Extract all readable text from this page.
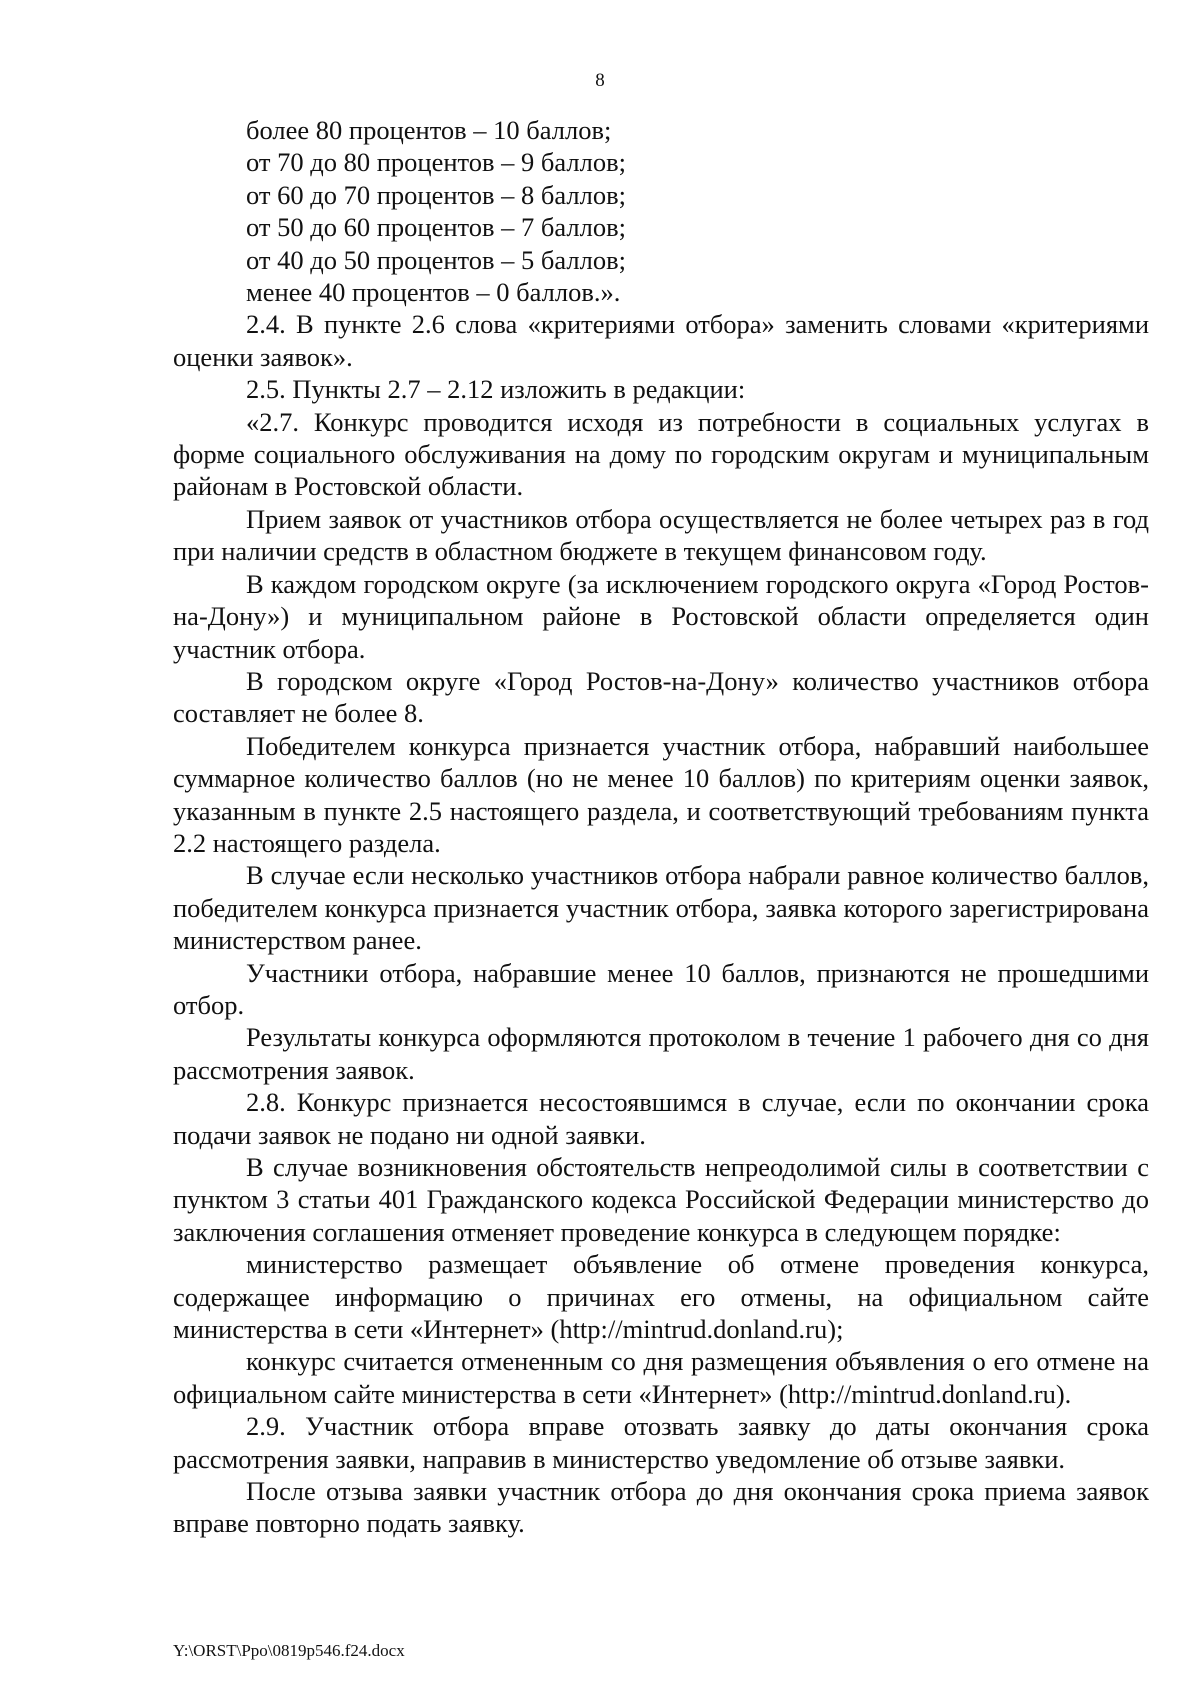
8

более 80 процентов – 10 баллов;

от 70 до 80 процентов – 9 баллов;

от 60 до 70 процентов – 8 баллов;

от 50 до 60 процентов – 7 баллов;

от 40 до 50 процентов – 5 баллов;

менее 40 процентов – 0 баллов.».

2.4. В пункте 2.6 слова «критериями отбора» заменить словами «критериями оценки заявок».

2.5. Пункты 2.7 – 2.12 изложить в редакции:

«2.7. Конкурс проводится исходя из потребности в социальных услугах в форме социального обслуживания на дому по городским округам и муниципальным районам в Ростовской области.

Прием заявок от участников отбора осуществляется не более четырех раз в год при наличии средств в областном бюджете в текущем финансовом году.

В каждом городском округе (за исключением городского округа «Город Ростов-на-Дону») и муниципальном районе в Ростовской области определяется один участник отбора.

В городском округе «Город Ростов-на-Дону» количество участников отбора составляет не более 8.

Победителем конкурса признается участник отбора, набравший наибольшее суммарное количество баллов (но не менее 10 баллов) по критериям оценки заявок, указанным в пункте 2.5 настоящего раздела, и соответствующий требованиям пункта 2.2 настоящего раздела.

В случае если несколько участников отбора набрали равное количество баллов, победителем конкурса признается участник отбора, заявка которого зарегистрирована министерством ранее.

Участники отбора, набравшие менее 10 баллов, признаются не прошедшими отбор.

Результаты конкурса оформляются протоколом в течение 1 рабочего дня со дня рассмотрения заявок.

2.8. Конкурс признается несостоявшимся в случае, если по окончании срока подачи заявок не подано ни одной заявки.

В случае возникновения обстоятельств непреодолимой силы в соответствии с пунктом 3 статьи 401 Гражданского кодекса Российской Федерации министерство до заключения соглашения отменяет проведение конкурса в следующем порядке:

министерство размещает объявление об отмене проведения конкурса, содержащее информацию о причинах его отмены, на официальном сайте министерства в сети «Интернет» (http://mintrud.donland.ru);

конкурс считается отмененным со дня размещения объявления о его отмене на официальном сайте министерства в сети «Интернет» (http://mintrud.donland.ru).

2.9. Участник отбора вправе отозвать заявку до даты окончания срока рассмотрения заявки, направив в министерство уведомление об отзыве заявки.

После отзыва заявки участник отбора до дня окончания срока приема заявок вправе повторно подать заявку.

Y:\ORST\Ppo\0819p546.f24.docx
